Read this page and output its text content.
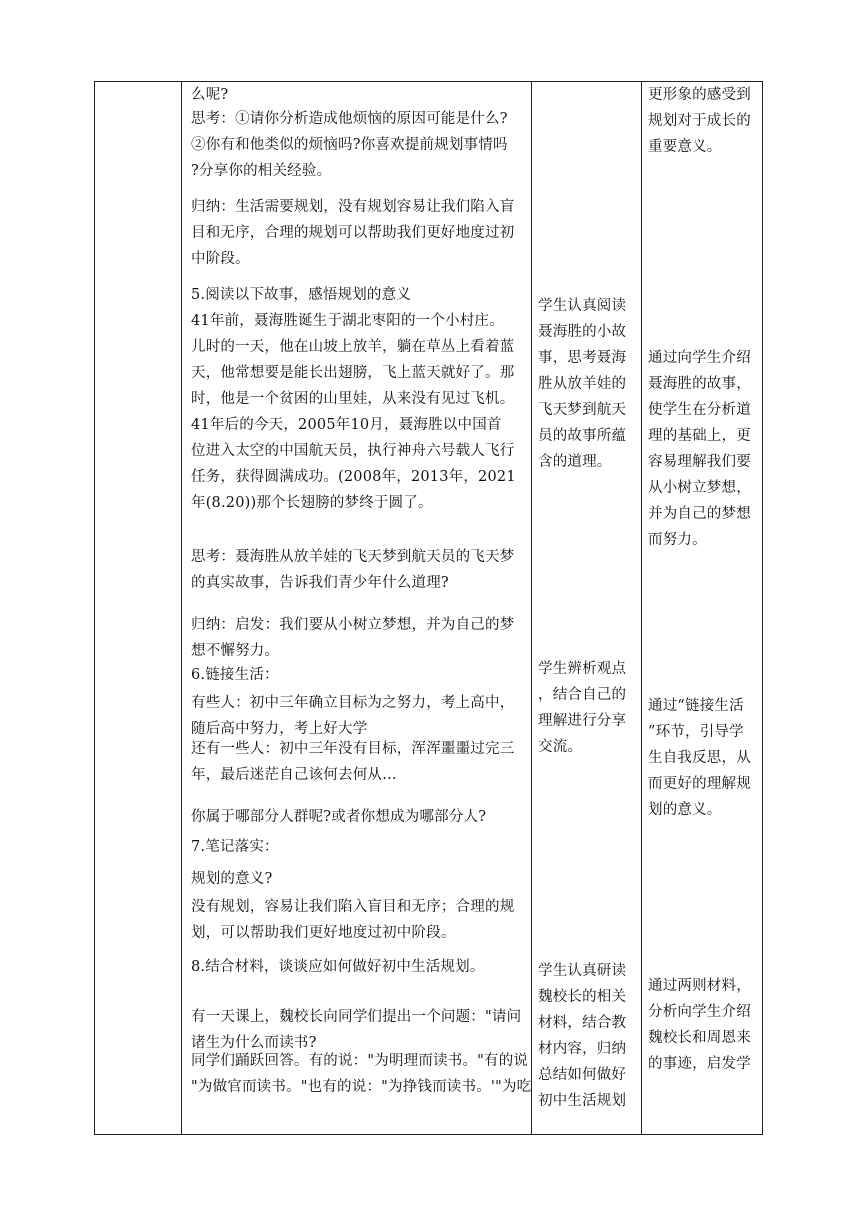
么呢?
思考：①请你分析造成他烦恼的原因可能是什么?
②你有和他类似的烦恼吗?你喜欢提前规划事情吗
?分享你的相关经验。
归纳：生活需要规划，没有规划容易让我们陷入盲
目和无序，合理的规划可以帮助我们更好地度过初
中阶段。
5.阅读以下故事，感悟规划的意义
41年前，聂海胜诞生于湖北枣阳的一个小村庄。
儿时的一天，他在山坡上放羊，躺在草丛上看着蓝
天，他常想要是能长出翅膀，飞上蓝天就好了。那
时，他是一个贫困的山里娃，从来没有见过飞机。
41年后的今天，2005年10月，聂海胜以中国首
位进入太空的中国航天员，执行神舟六号载人飞行
任务，获得圆满成功。(2008年，2013年，2021
年(8.20))那个长翅膀的梦终于圆了。
思考：聂海胜从放羊娃的飞天梦到航天员的飞天梦
的真实故事，告诉我们青少年什么道理?
归纳：启发：我们要从小树立梦想，并为自己的梦
想不懈努力。
6.链接生活：
有些人：初中三年确立目标为之努力，考上高中，
随后高中努力，考上好大学
还有一些人：初中三年没有目标，浑浑噩噩过完三
年，最后迷茫自己该何去何从…
你属于哪部分人群呢?或者你想成为哪部分人?
7.笔记落实：
规划的意义?
没有规划，容易让我们陷入盲目和无序；合理的规
划，可以帮助我们更好地度过初中阶段。
8.结合材料，谈谈应如何做好初中生活规划。
有一天课上，魏校长向同学们提出一个问题："请问
诸生为什么而读书?
同学们踊跃回答。有的说："为明理而读书。"有的说
"为做官而读书。"也有的说："为挣钱而读书。'"为吃
学生认真阅读
聂海胜的小故
事，思考聂海
胜从放羊娃的
飞天梦到航天
员的故事所蕴
含的道理。
学生辨析观点
，结合自己的
理解进行分享
交流。
学生认真研读
魏校长的相关
材料，结合教
材内容，归纳
总结如何做好
初中生活规划
更形象的感受到
规划对于成长的
重要意义。
通过向学生介绍
聂海胜的故事，
使学生在分析道
理的基础上，更
容易理解我们要
从小树立梦想，
并为自己的梦想
而努力。
通过“链接生活
”环节，引导学
生自我反思，从
而更好的理解规
划的意义。
通过两则材料，
分析向学生介绍
魏校长和周恩来
的事迹，启发学
